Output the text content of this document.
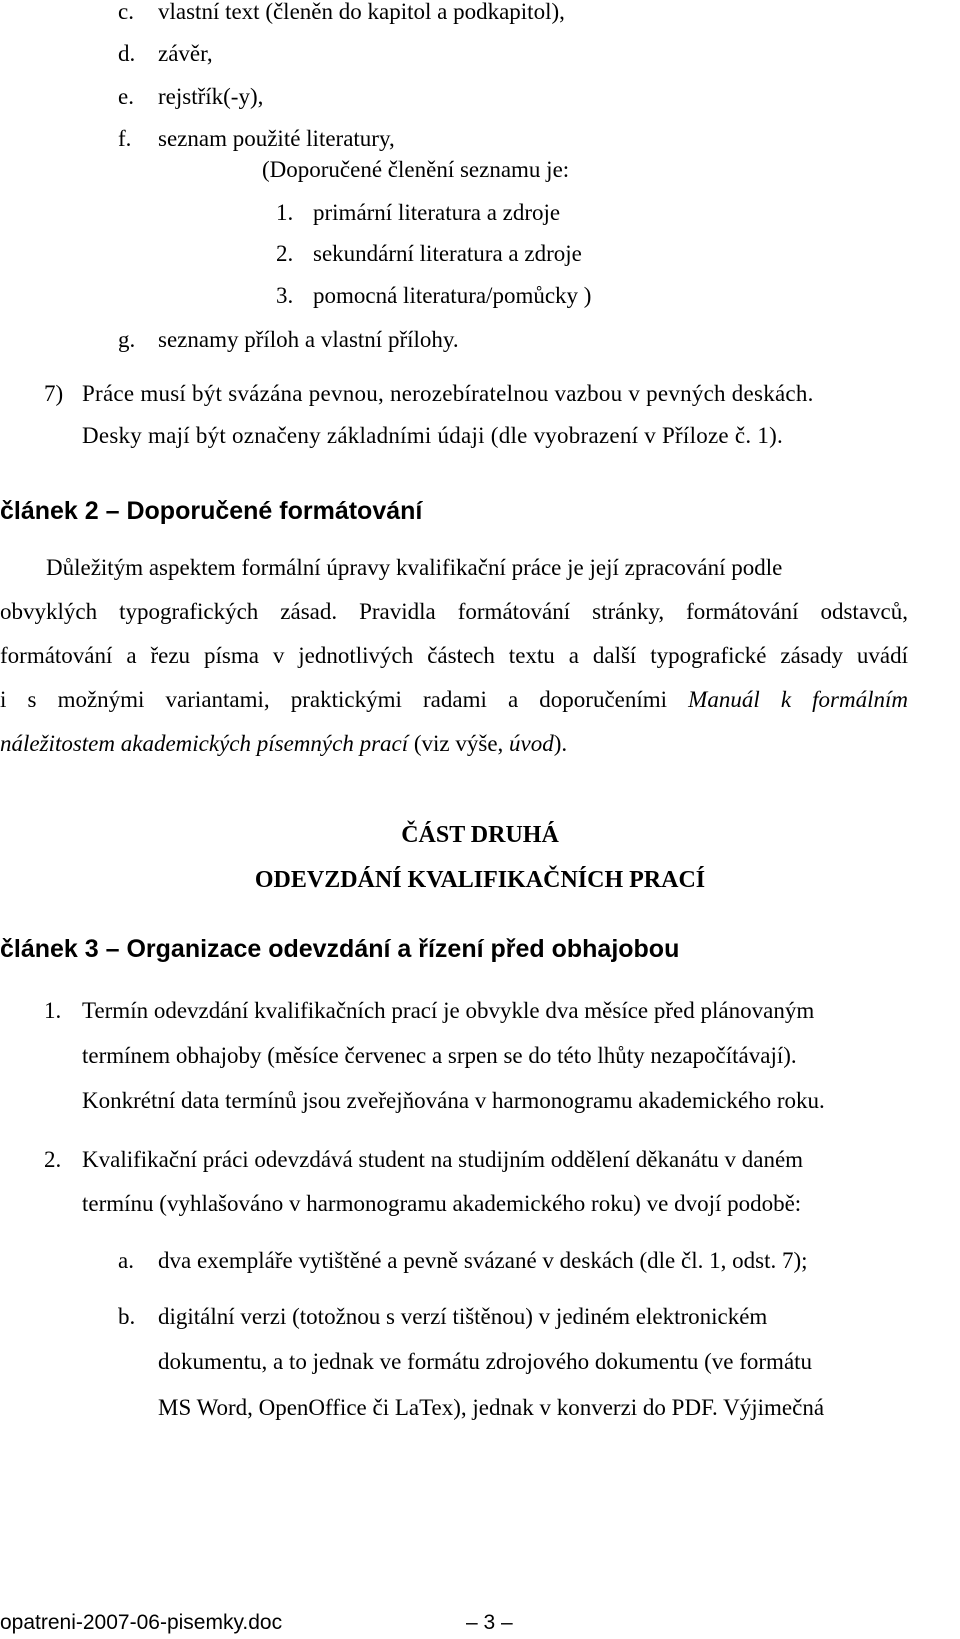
c. vlastní text (členěn do kapitol a podkapitol),
d. závěr,
e. rejstřík(-y),
f. seznam použité literatury,
(Doporučené členění seznamu je:
1. primární literatura a zdroje
2. sekundární literatura a zdroje
3. pomocná literatura/pomůcky )
g. seznamy příloh a vlastní přílohy.
7) Práce musí být svázána pevnou, nerozebíratelnou vazbou v pevných deskách.
Desky mají být označeny základními údaji (dle vyobrazení v Příloze č. 1).
článek 2 – Doporučené formátování
Důležitým aspektem formální úpravy kvalifikační práce je její zpracování podle
obvyklých typografických zásad. Pravidla formátování stránky, formátování odstavců,
formátování a řezu písma v jednotlivých částech textu a další typografické zásady uvádí
i s možnými variantami, praktickými radami a doporučeními Manuál k formálním
náležitostem akademických písemných prací (viz výše, úvod).
ČÁST DRUHÁ
ODEVZDÁNÍ KVALIFIKAČNÍCH PRACÍ
článek 3 – Organizace odevzdání a řízení před obhajobou
1. Termín odevzdání kvalifikačních prací je obvykle dva měsíce před plánovaným
termínem obhajoby (měsíce červenec a srpen se do této lhůty nezapočítávají).
Konkrétní data termínů jsou zveřejňována v harmonogramu akademického roku.
2. Kvalifikační práci odevzdává student na studijním oddělení děkanátu v daném
termínu (vyhlašováno v harmonogramu akademického roku) ve dvojí podobě:
a. dva exempláře vytištěné a pevně svázané v deskách (dle čl. 1, odst. 7);
b. digitální verzi (totožnou s verzí tištěnou) v jediném elektronickém
dokumentu, a to jednak ve formátu zdrojového dokumentu (ve formátu
MS Word, OpenOffice či LaTex), jednak v konverzi do PDF. Výjimečná
opatreni-2007-06-pisemky.doc	– 3 –
